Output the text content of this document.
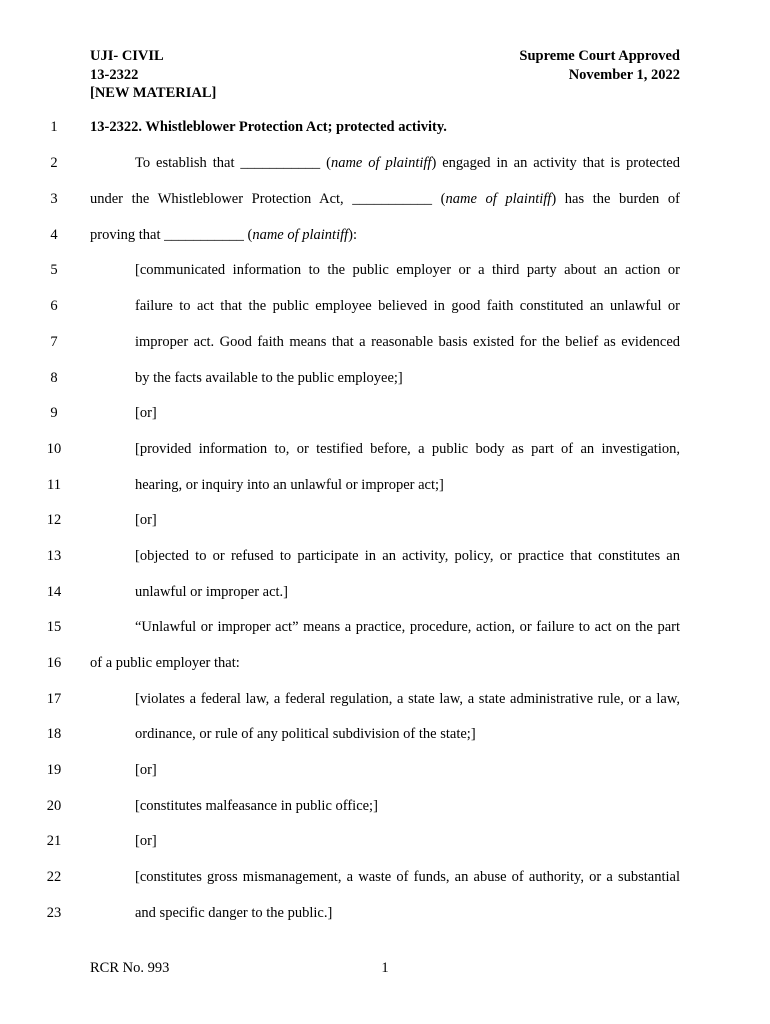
UJI- CIVIL
13-2322
[NEW MATERIAL]
Supreme Court Approved
November 1, 2022
1	13-2322. Whistleblower Protection Act; protected activity.
2	To establish that ___________ (name of plaintiff) engaged in an activity that is protected
3	under the Whistleblower Protection Act, ___________ (name of plaintiff) has the burden of
4	proving that ___________ (name of plaintiff):
5	[communicated information to the public employer or a third party about an action or
6	failure to act that the public employee believed in good faith constituted an unlawful or
7	improper act. Good faith means that a reasonable basis existed for the belief as evidenced
8	by the facts available to the public employee;]
9	[or]
10	[provided information to, or testified before, a public body as part of an investigation,
11	hearing, or inquiry into an unlawful or improper act;]
12	[or]
13	[objected to or refused to participate in an activity, policy, or practice that constitutes an
14	unlawful or improper act.]
15	“Unlawful or improper act” means a practice, procedure, action, or failure to act on the part
16	of a public employer that:
17	[violates a federal law, a federal regulation, a state law, a state administrative rule, or a law,
18	ordinance, or rule of any political subdivision of the state;]
19	[or]
20	[constitutes malfeasance in public office;]
21	[or]
22	[constitutes gross mismanagement, a waste of funds, an abuse of authority, or a substantial
23	and specific danger to the public.]
1
RCR No. 993
